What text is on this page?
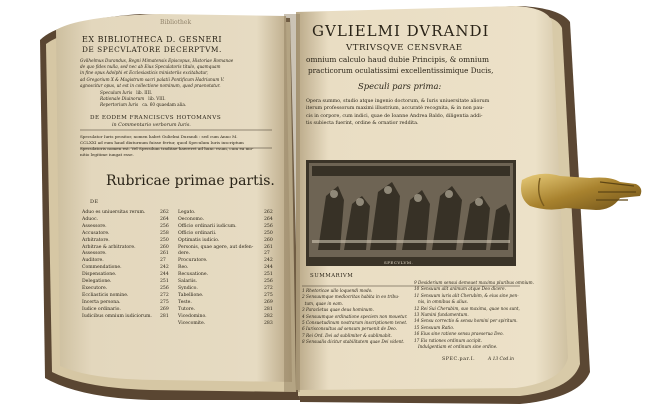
Bibliothek
EX BIBLIOTHECA D. GESNERI
DE SPECVLATORE DECERPTVM.
Gvilhelmus Durandus, Regni Mimatensis Episcopus, Historiae Romanae
de quo fides nulla, sed nec ab Eius Speculatoris titulo, quamquam
in fine opus Adolphi et Ecclesiasticis ministeriis excitabatur,
ad Gregorium X & Magistrum sacri palatii Pontificum Hadrianum V.
agnoscitur opus, ut est in collectione nominum, quod praenotatur.
Speculum Iuris lib. IIII.
Rationale Diuinorum lib. VIII.
Repertorium Iuris ca. 60 quaedam alia.
DE EODEM FRANCISCVS HOTOMANVS
in Commentario verborum Iuris.
Speculator Iuris prositor, nomen habet Gulielmi Durandi : sed cum Anno M.
CCLXXI ad eum haud diuturnum fuisse fertur, quod Speculum Iuris inscriptum
Speculatoris nomen est. Vel Speculum traditae haereret ad hunc vsum, cum ea mo-
nitio legitime iungat esse.
Rubricae primae partis.
DE
Aduo es uniuersitas rerum.	262
Aduoc.	264
Assessore.	256
Accusatore.	258
Arbitratore.	250
Arbitrae & arbitratore.	260
Assessore.	261
Auditore.	27
Commendatione.	242
Dispensatione.	244
Delegatione.	251
Executore.	256
Eccliasticis nomine.	272
Incerta persona.	275
Iudice ordinario.	269
Iudicibus omnium iudiciorum. 281
Legato.	262
Oeconomo.	264
Officio ordinarii iudicum.	256
Officio ordinarii.	250
Optimatis iudicio.	260
Personis, quae agere, aut defen- 261
dere.	27
Procuratore.	242
Reo.	244
Recusatione.	251
Salariis.	256
Syndico.	272
Tabellione.	275
Teste.	269
Tutore.	281
Vicedomino.	282
Vicecomite.	283
GVLIELMI DVRANDI
VTRIVSQVE CENSVRAE
omnium calculo haud dubie Principis, & omnium
practicorum oculatissimi excellentissimique Ducis,
Speculi pars prima:
Opera summo, studio atque ingenio doctorum, & Iuris uniuersitate aliorum
iterum professorum maximi illustrium, accuratè recognita, & in non pau-
cis in corpore, cum indici, quae de Ioanne Andrea Baldo, diligentia addi-
tis subiecta fuerint, ordine & ornatior reddita.
SPECVLVM.
SUMMARIVM
1 Rhetoricae ullo loquendi modo.
2 Sensuumque mediocritas habita in eo tribu-
tum, quae in eam.
3 Paracletus quae deus hominum.
4 Sensuumque ordinatione speciem non mouetur.
5 Consuetudinum nostrarum inscriptionem tenet.
6 Iurisconsultus ad sensum peruenit de Deo.
7 Rei Ord. Dei ad sublimiter & sublimabit.
8 Sensualis dicitur stabilitatem quae Dei vident.
9 Desiderium sensui demouet maxima pluribus omnium.
10 Sensuum alit animum atque Deo dicere.
11 Sensuum iuris alit Cherubim, & eius sine pen-
nis, in omnibus & alius.
12 Rei Sui Cherubim, suo maxima, quae nos sunt,
13 Numini fundamentum.
14 Sensu correctio & sensu homini per spiritum.
15 Sensuum Ratio.
16 Eius sine ratione sensu praeserua Deo.
17 Eis rationes ordinum accipit.
Indulgentiam et ordinum sine ordine.
SPEC.par.I.	A 13 Cod.in
